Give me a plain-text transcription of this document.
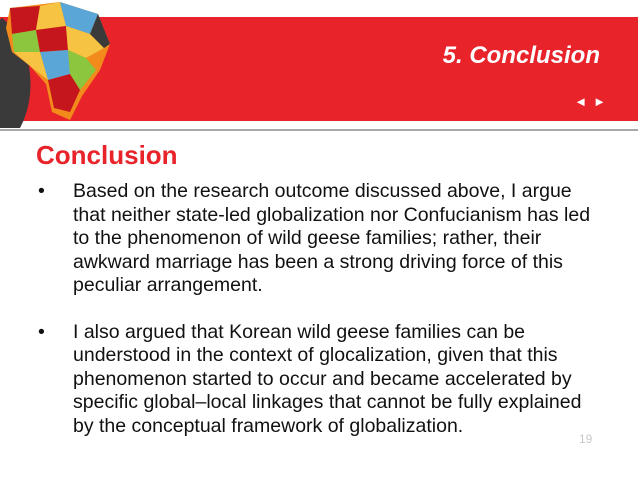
5. Conclusion
◄ ►
Conclusion
• Based on the research outcome discussed above, I argue that neither state-led globalization nor Confucianism has led to the phenomenon of wild geese families; rather, their awkward marriage has been a strong driving force of this peculiar arrangement.
• I also argued that Korean wild geese families can be understood in the context of glocalization, given that this phenomenon started to occur and became accelerated by specific global–local linkages that cannot be fully explained by the conceptual framework of globalization.
19
